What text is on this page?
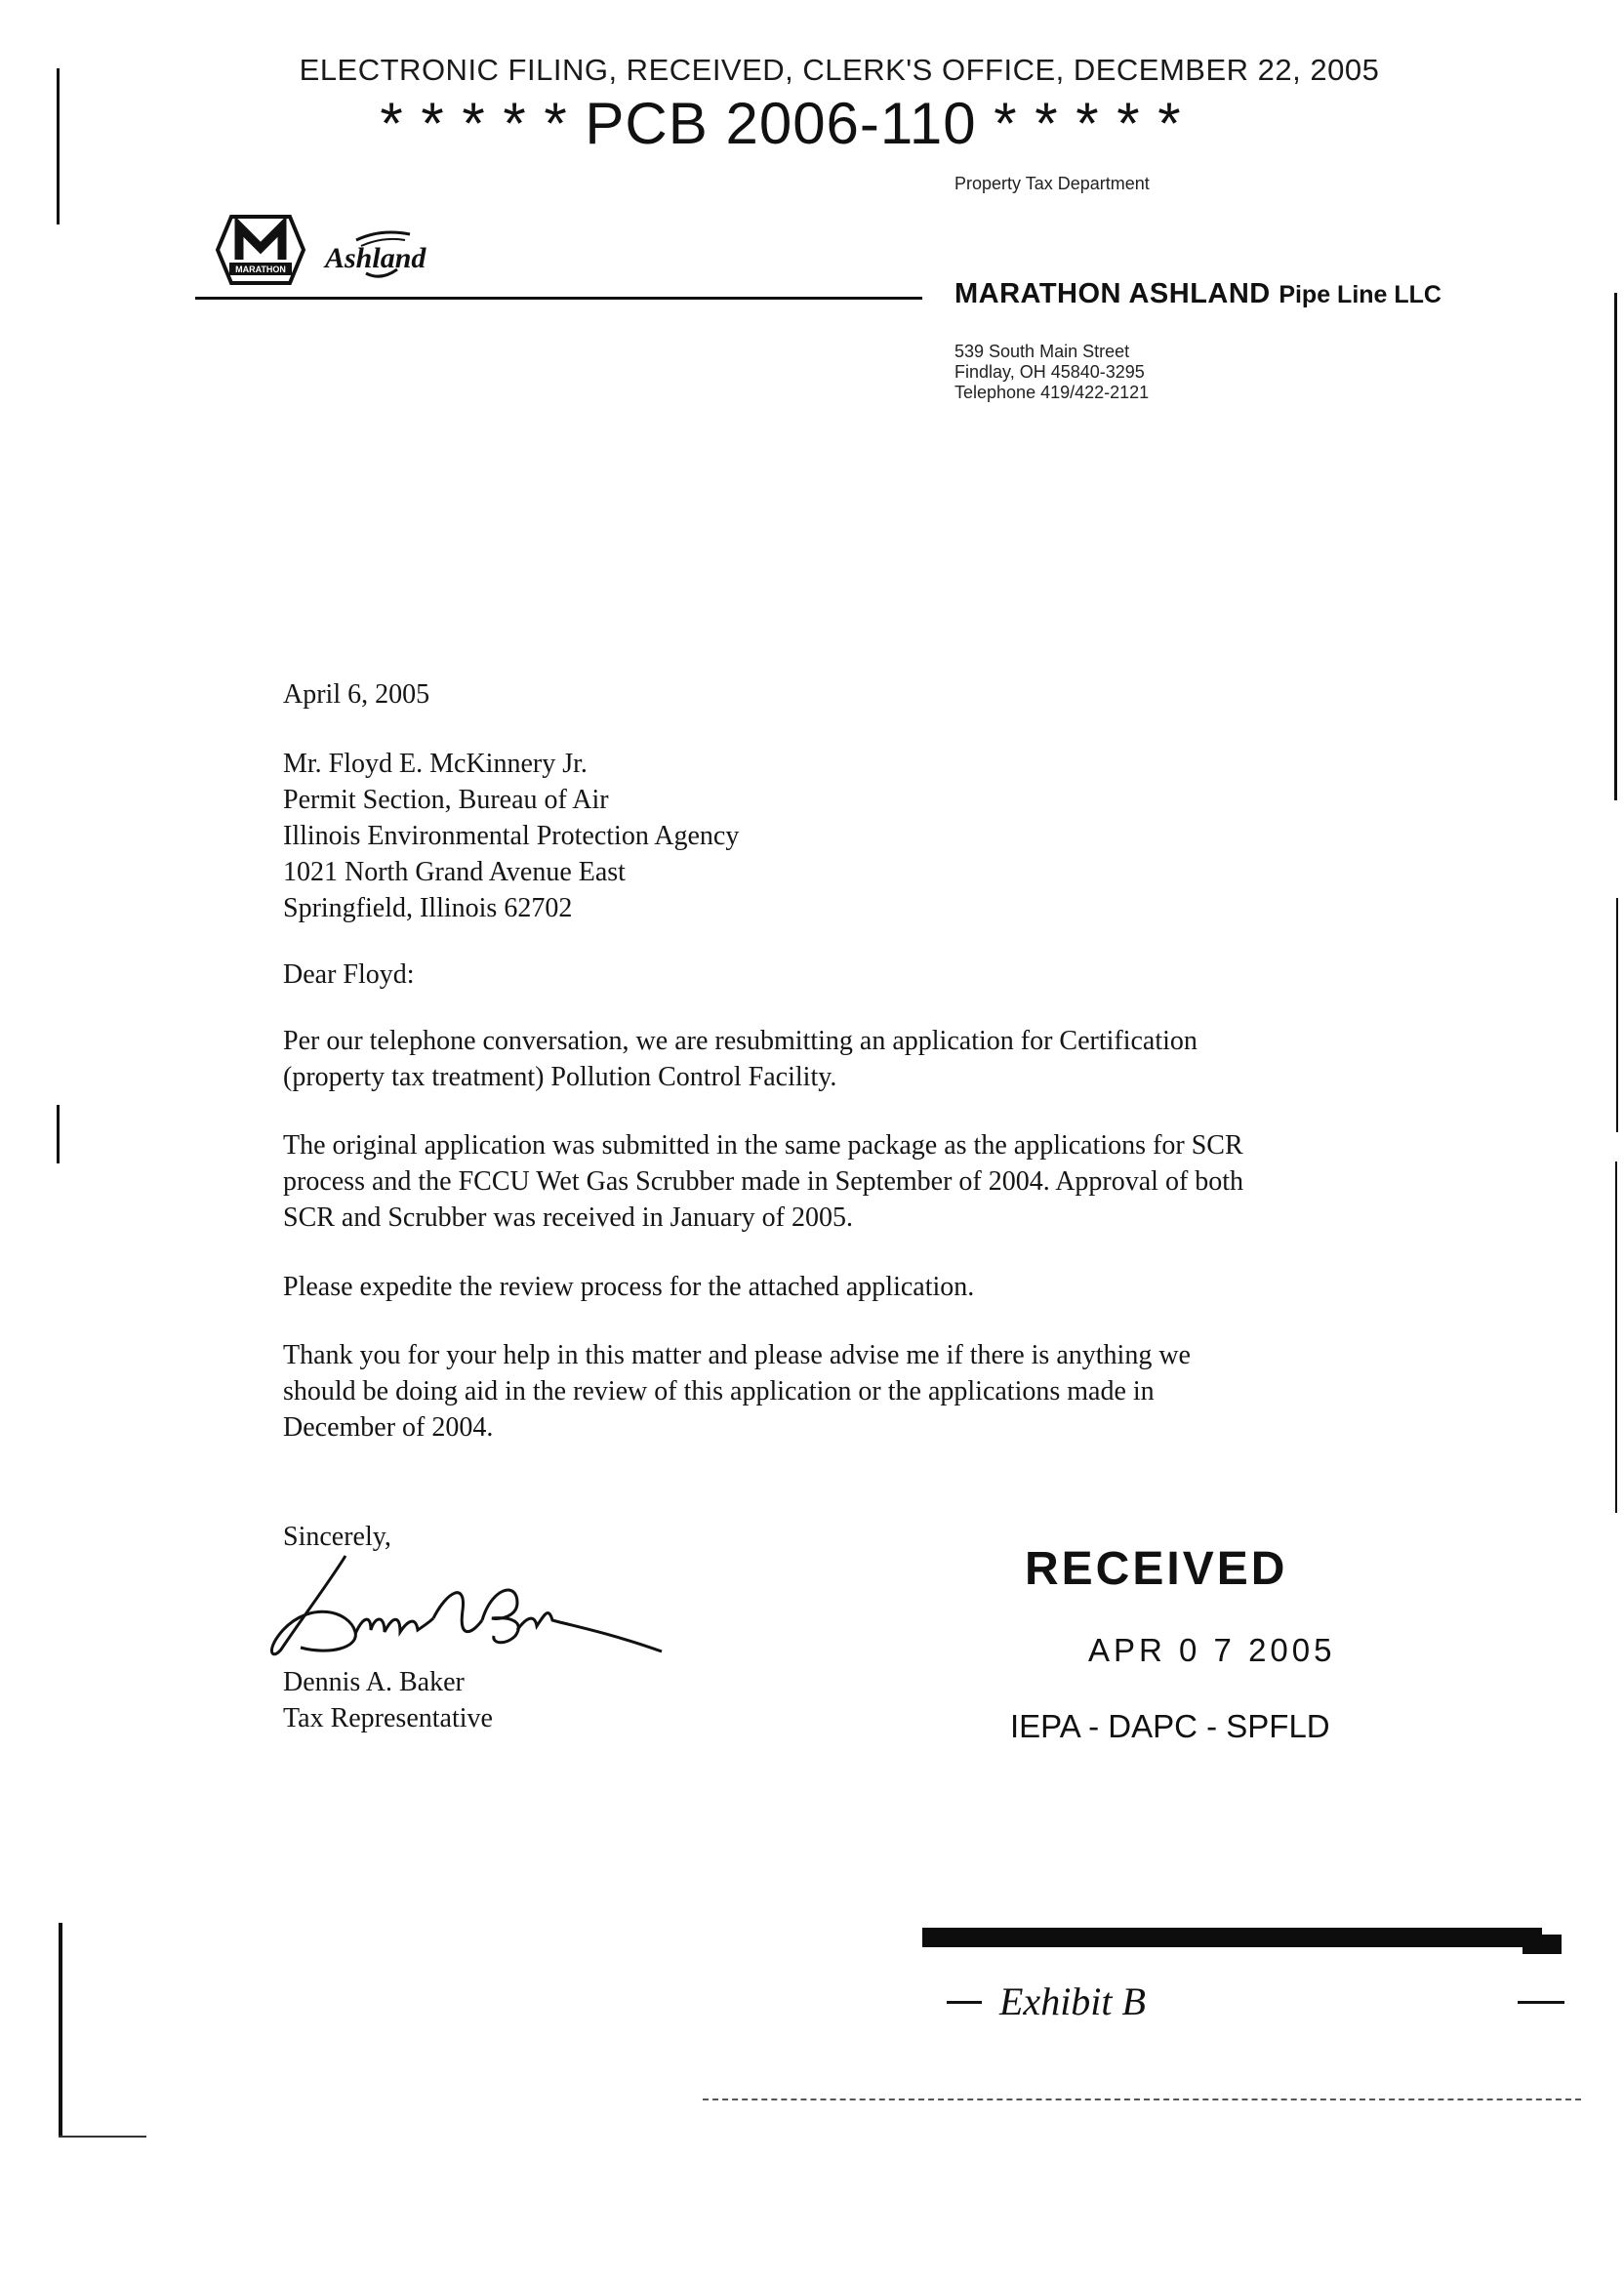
ELECTRONIC FILING, RECEIVED, CLERK'S OFFICE, DECEMBER 22, 2005
* * * * * PCB 2006-110 * * * * *
Property Tax Department
MARATHON Ashland
MARATHON ASHLAND Pipe Line LLC
539 South Main Street
Findlay, OH 45840-3295
Telephone 419/422-2121
April 6, 2005
Mr. Floyd E. McKinnery Jr.
Permit Section, Bureau of Air
Illinois Environmental Protection Agency
1021 North Grand Avenue East
Springfield, Illinois 62702
Dear Floyd:
Per our telephone conversation, we are resubmitting an application for Certification
(property tax treatment) Pollution Control Facility.
The original application was submitted in the same package as the applications for SCR
process and the FCCU Wet Gas Scrubber made in September of 2004. Approval of both
SCR and Scrubber was received in January of 2005.
Please expedite the review process for the attached application.
Thank you for your help in this matter and please advise me if there is anything we
should be doing aid in the review of this application or the applications made in
December of 2004.
Sincerely,
Dennis A. Baker
Tax Representative
RECEIVED
APR 0 7 2005
IEPA - DAPC - SPFLD
Exhibit B
